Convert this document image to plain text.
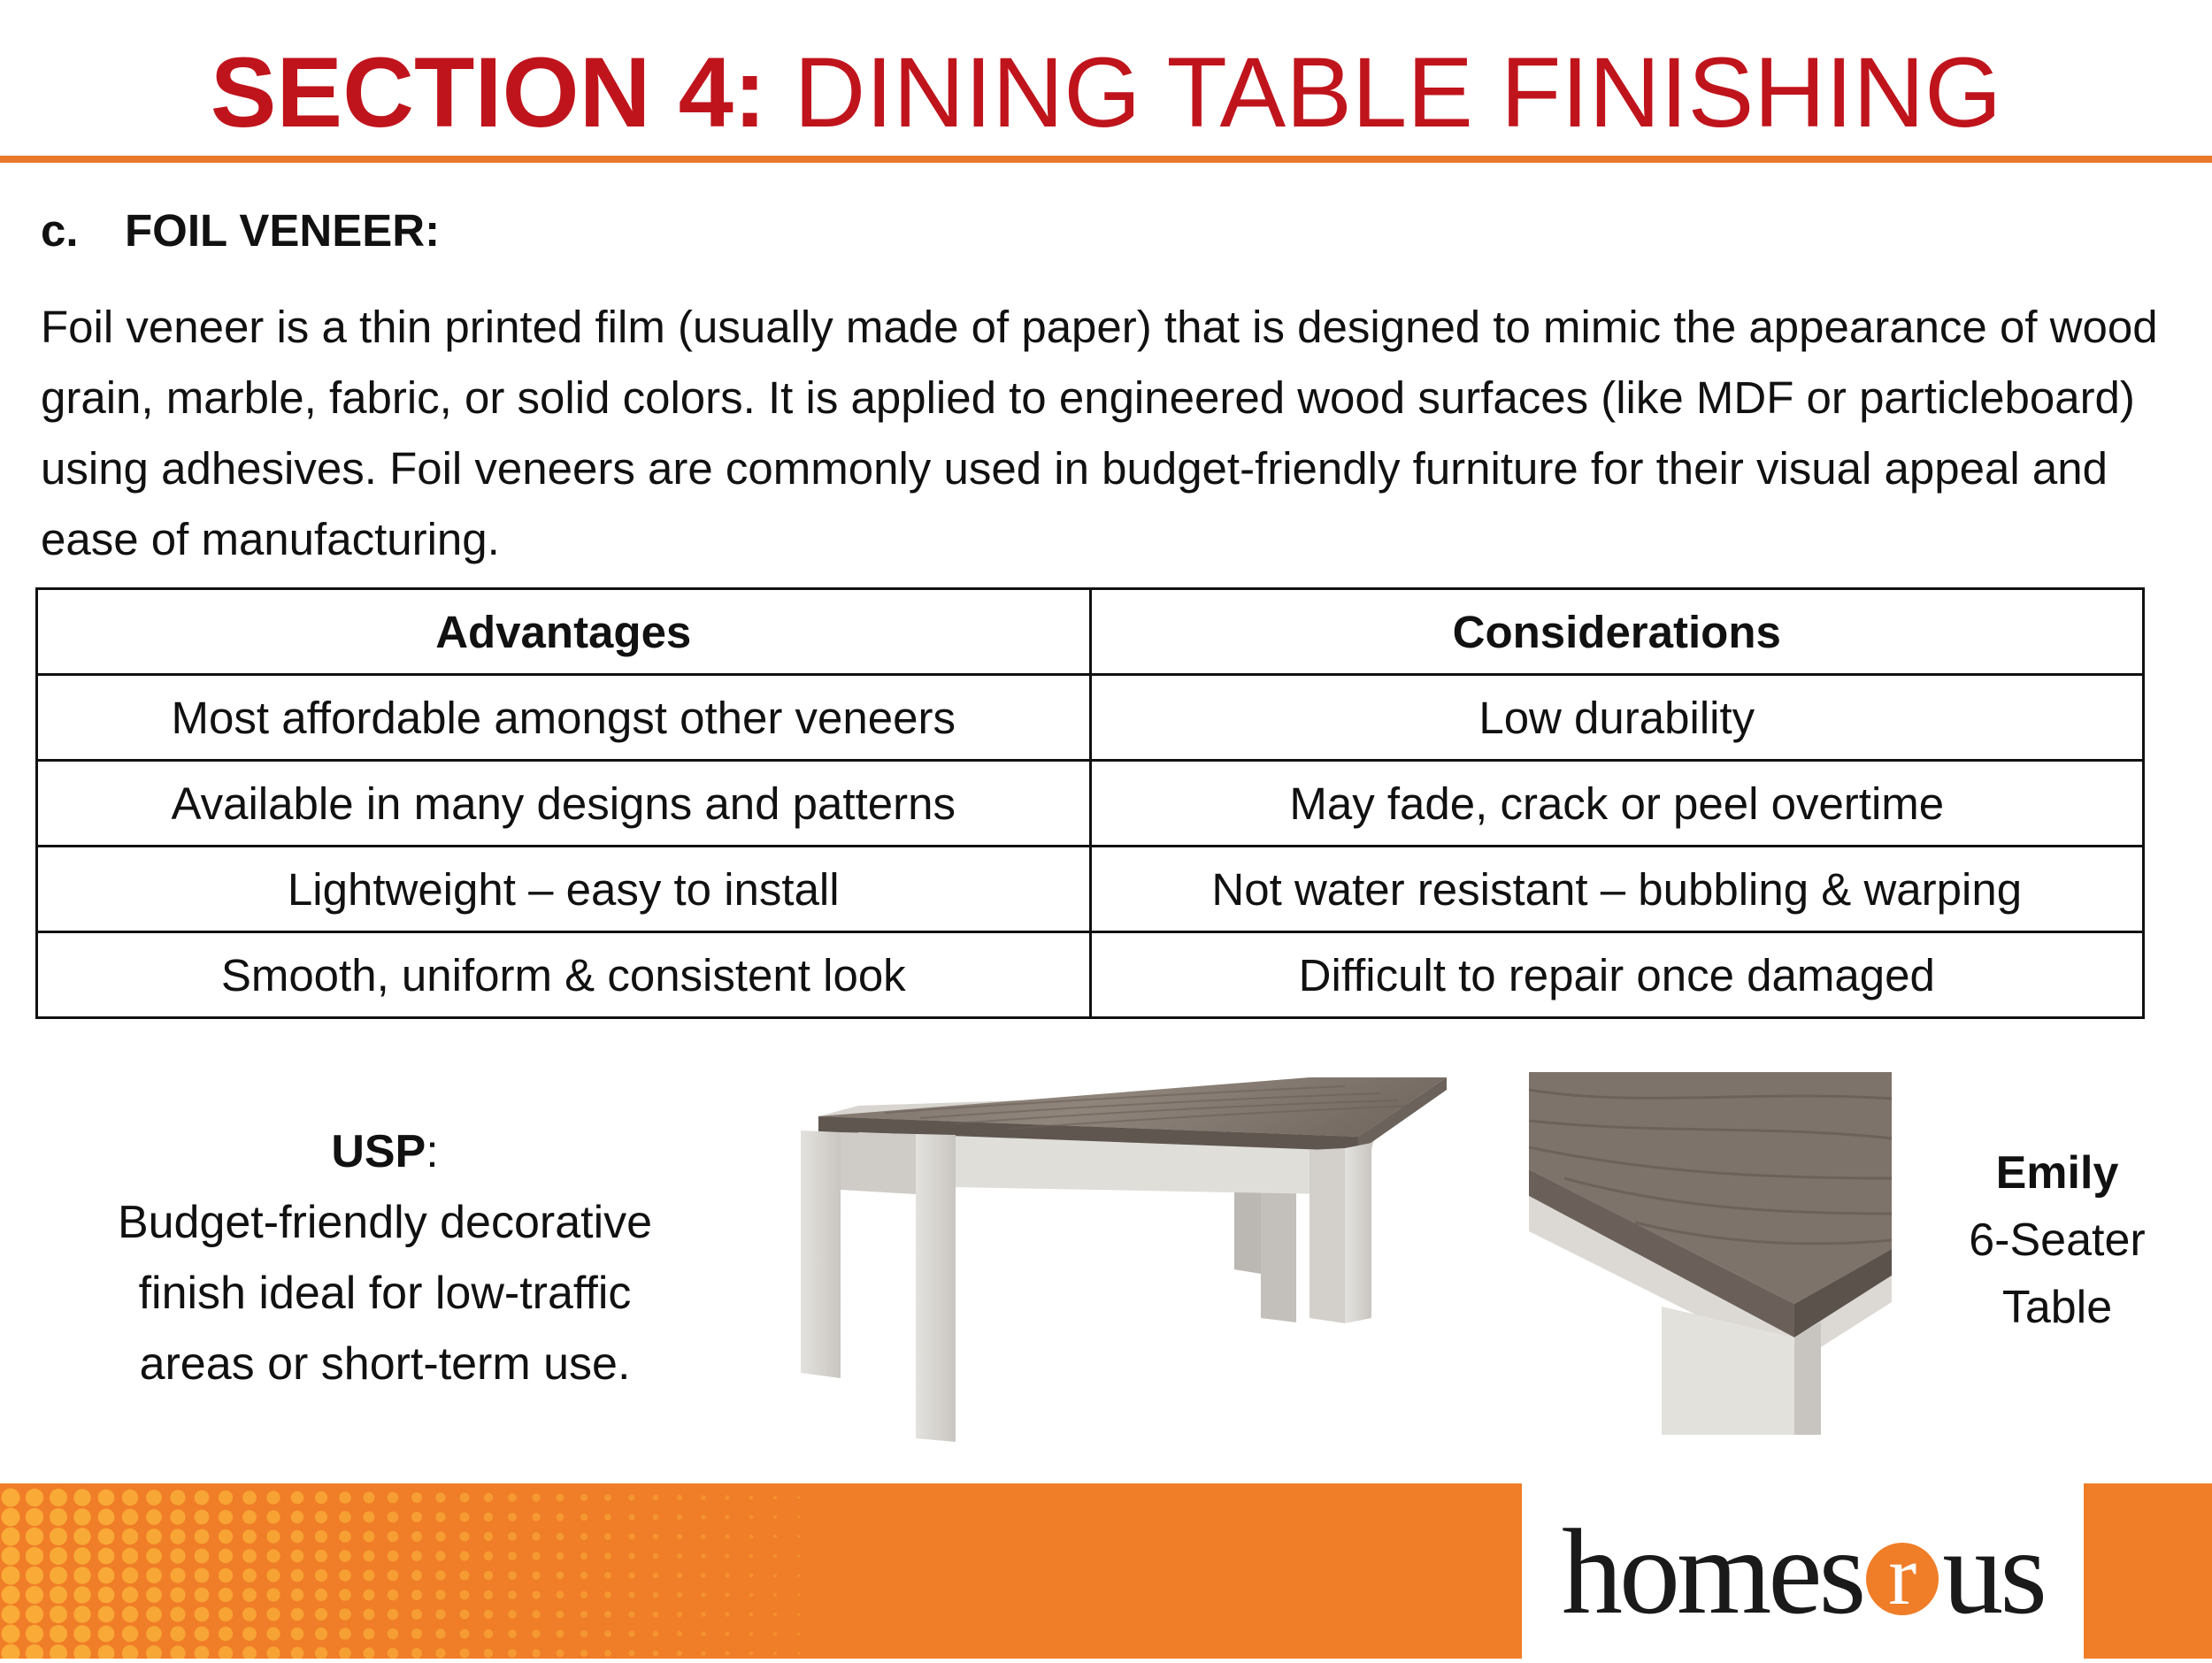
SECTION 4: DINING TABLE FINISHING
c. FOIL VENEER:

Foil veneer is a thin printed film (usually made of paper) that is designed to mimic the appearance of wood grain, marble, fabric, or solid colors. It is applied to engineered wood surfaces (like MDF or particleboard) using adhesives. Foil veneers are commonly used in budget-friendly furniture for their visual appeal and ease of manufacturing.

Advantages	Considerations
Most affordable amongst other veneers	Low durability
Available in many designs and patterns	May fade, crack or peel overtime
Lightweight – easy to install	Not water resistant – bubbling & warping
Smooth, uniform & consistent look	Difficult to repair once damaged
USP:
Budget-friendly decorative
finish ideal for low-traffic
areas or short-term use.
Emily
6-Seater
Table
homes r us
